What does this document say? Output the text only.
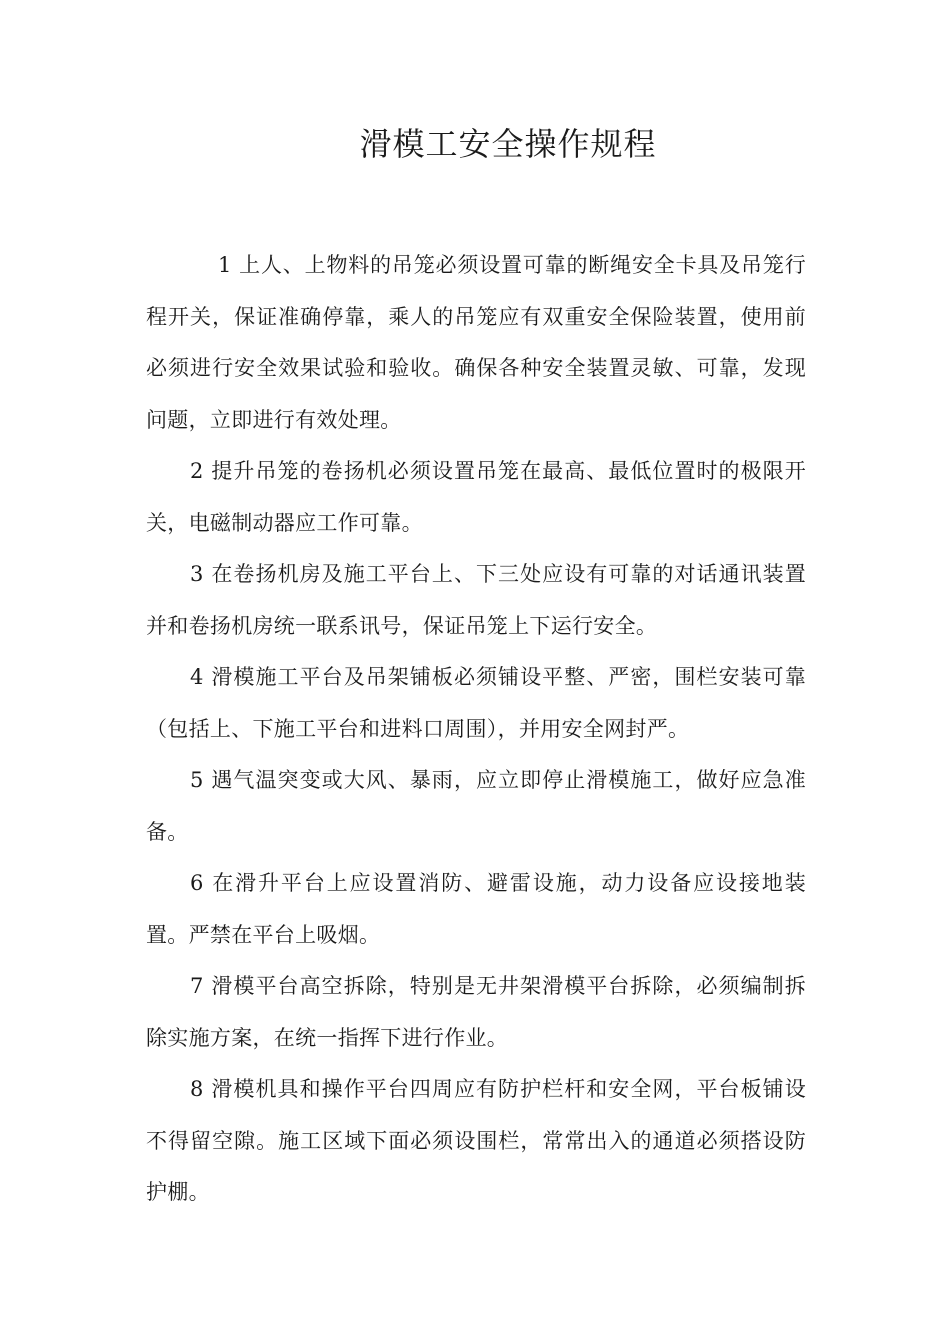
滑模工安全操作规程

1 上人、上物料的吊笼必须设置可靠的断绳安全卡具及吊笼行程开关，保证准确停靠，乘人的吊笼应有双重安全保险装置，使用前必须进行安全效果试验和验收。确保各种安全装置灵敏、可靠，发现问题，立即进行有效处理。

2 提升吊笼的卷扬机必须设置吊笼在最高、最低位置时的极限开关，电磁制动器应工作可靠。

3 在卷扬机房及施工平台上、下三处应设有可靠的对话通讯装置并和卷扬机房统一联系讯号，保证吊笼上下运行安全。

4 滑模施工平台及吊架铺板必须铺设平整、严密，围栏安装可靠（包括上、下施工平台和进料口周围），并用安全网封严。

5 遇气温突变或大风、暴雨，应立即停止滑模施工，做好应急准备。

6 在滑升平台上应设置消防、避雷设施，动力设备应设接地装置。严禁在平台上吸烟。

7 滑模平台高空拆除，特别是无井架滑模平台拆除，必须编制拆除实施方案，在统一指挥下进行作业。

8 滑模机具和操作平台四周应有防护栏杆和安全网，平台板铺设不得留空隙。施工区域下面必须设围栏，常常出入的通道必须搭设防护棚。
